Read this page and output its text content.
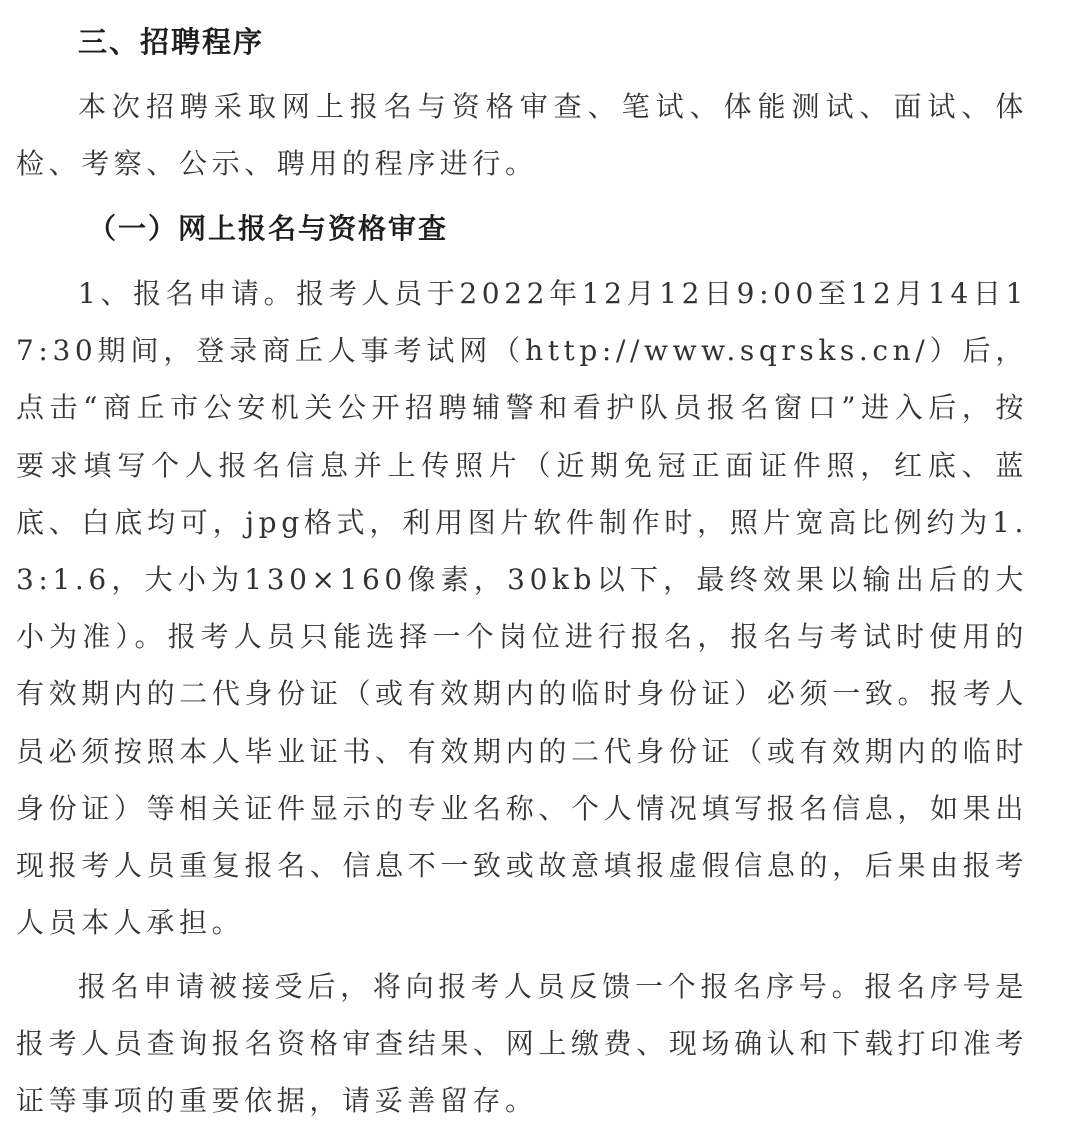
三、招聘程序

本次招聘采取网上报名与资格审查、笔试、体能测试、面试、体检、考察、公示、聘用的程序进行。

（一）网上报名与资格审查

1、报名申请。报考人员于2022年12月12日9:00至12月14日17:30期间，登录商丘人事考试网（http://www.sqrsks.cn/）后，点击“商丘市公安机关公开招聘辅警和看护队员报名窗口”进入后，按要求填写个人报名信息并上传照片（近期免冠正面证件照，红底、蓝底、白底均可，jpg格式，利用图片软件制作时，照片宽高比例约为1.3:1.6，大小为130×160像素，30kb以下，最终效果以输出后的大小为准）。报考人员只能选择一个岗位进行报名，报名与考试时使用的有效期内的二代身份证（或有效期内的临时身份证）必须一致。报考人员必须按照本人毕业证书、有效期内的二代身份证（或有效期内的临时身份证）等相关证件显示的专业名称、个人情况填写报名信息，如果出现报考人员重复报名、信息不一致或故意填报虚假信息的，后果由报考人员本人承担。

报名申请被接受后，将向报考人员反馈一个报名序号。报名序号是报考人员查询报名资格审查结果、网上缴费、现场确认和下载打印准考证等事项的重要依据，请妥善留存。
